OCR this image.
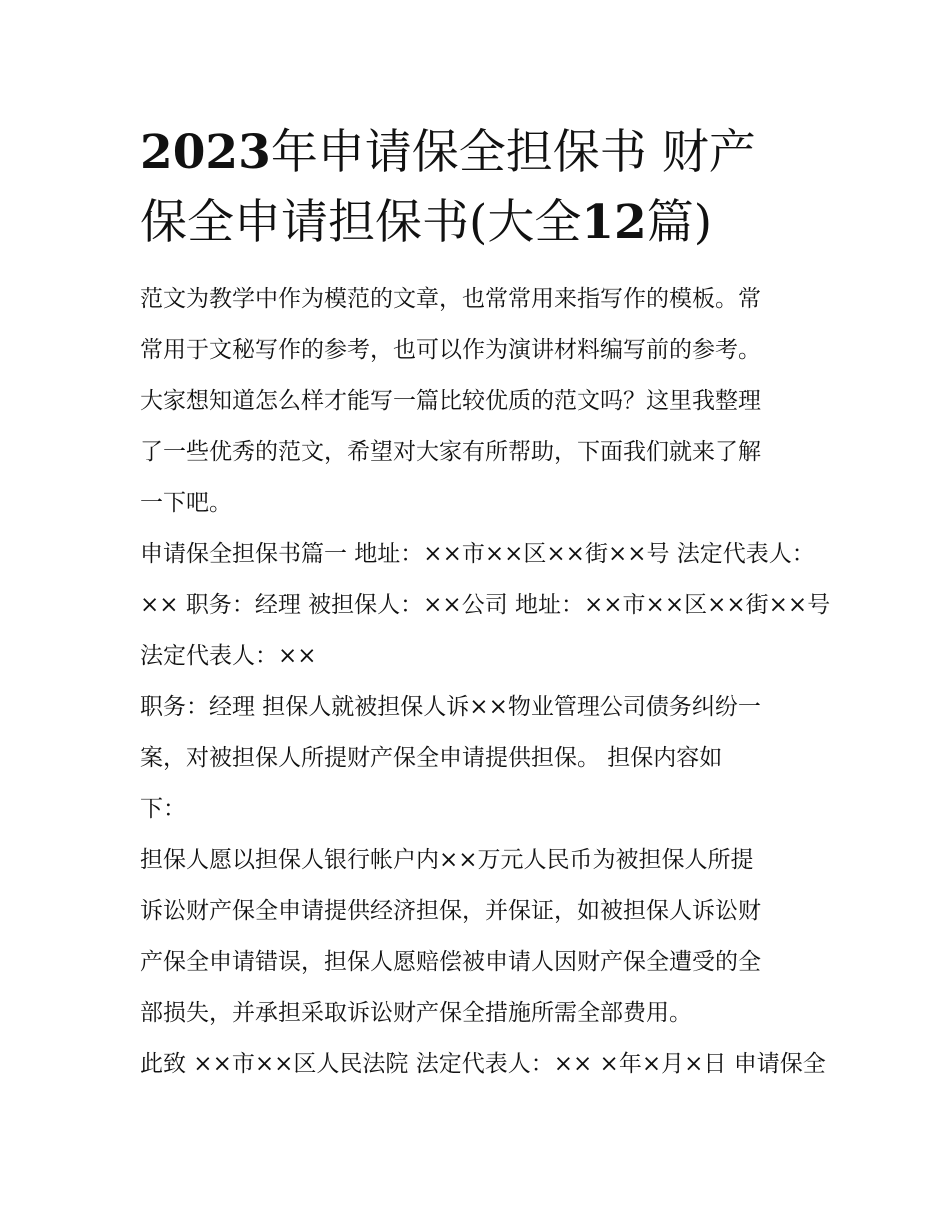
2023年申请保全担保书 财产
保全申请担保书(大全12篇)

范文为教学中作为模范的文章，也常常用来指写作的模板。常
常用于文秘写作的参考，也可以作为演讲材料编写前的参考。
大家想知道怎么样才能写一篇比较优质的范文吗？这里我整理
了一些优秀的范文，希望对大家有所帮助，下面我们就来了解
一下吧。

申请保全担保书篇一 地址：××市××区××街××号 法定代表人：
×× 职务：经理 被担保人：××公司 地址：××市××区××街××号
法定代表人：××

职务：经理 担保人就被担保人诉××物业管理公司债务纠纷一
案，对被担保人所提财产保全申请提供担保。 担保内容如
下：

担保人愿以担保人银行帐户内××万元人民币为被担保人所提
诉讼财产保全申请提供经济担保，并保证，如被担保人诉讼财
产保全申请错误，担保人愿赔偿被申请人因财产保全遭受的全
部损失，并承担采取诉讼财产保全措施所需全部费用。

此致 ××市××区人民法院 法定代表人：×× ×年×月×日 申请保全
